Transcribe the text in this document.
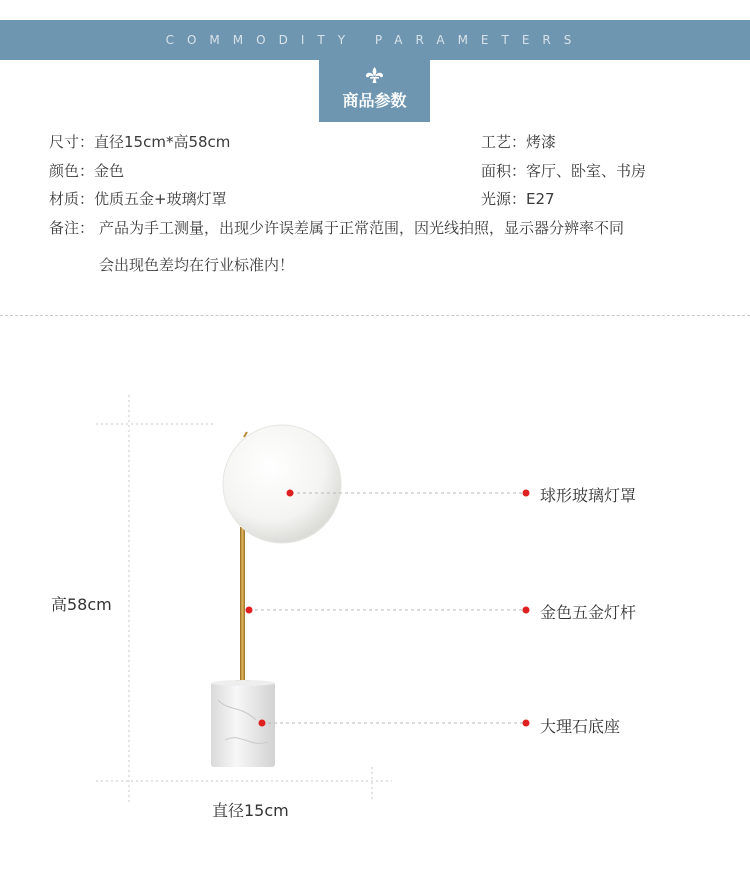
COMMODITY PARAMETERS
商品参数
尺寸：直径15cm*高58cm
颜色：金色
材质：优质五金+玻璃灯罩
工艺：烤漆
面积：客厅、卧室、书房
光源：E27
备注： 产品为手工测量，出现少许误差属于正常范围，因光线拍照，显示器分辨率不同
会出现色差均在行业标准内！
球形玻璃灯罩
金色五金灯杆
大理石底座
高58cm
直径15cm
